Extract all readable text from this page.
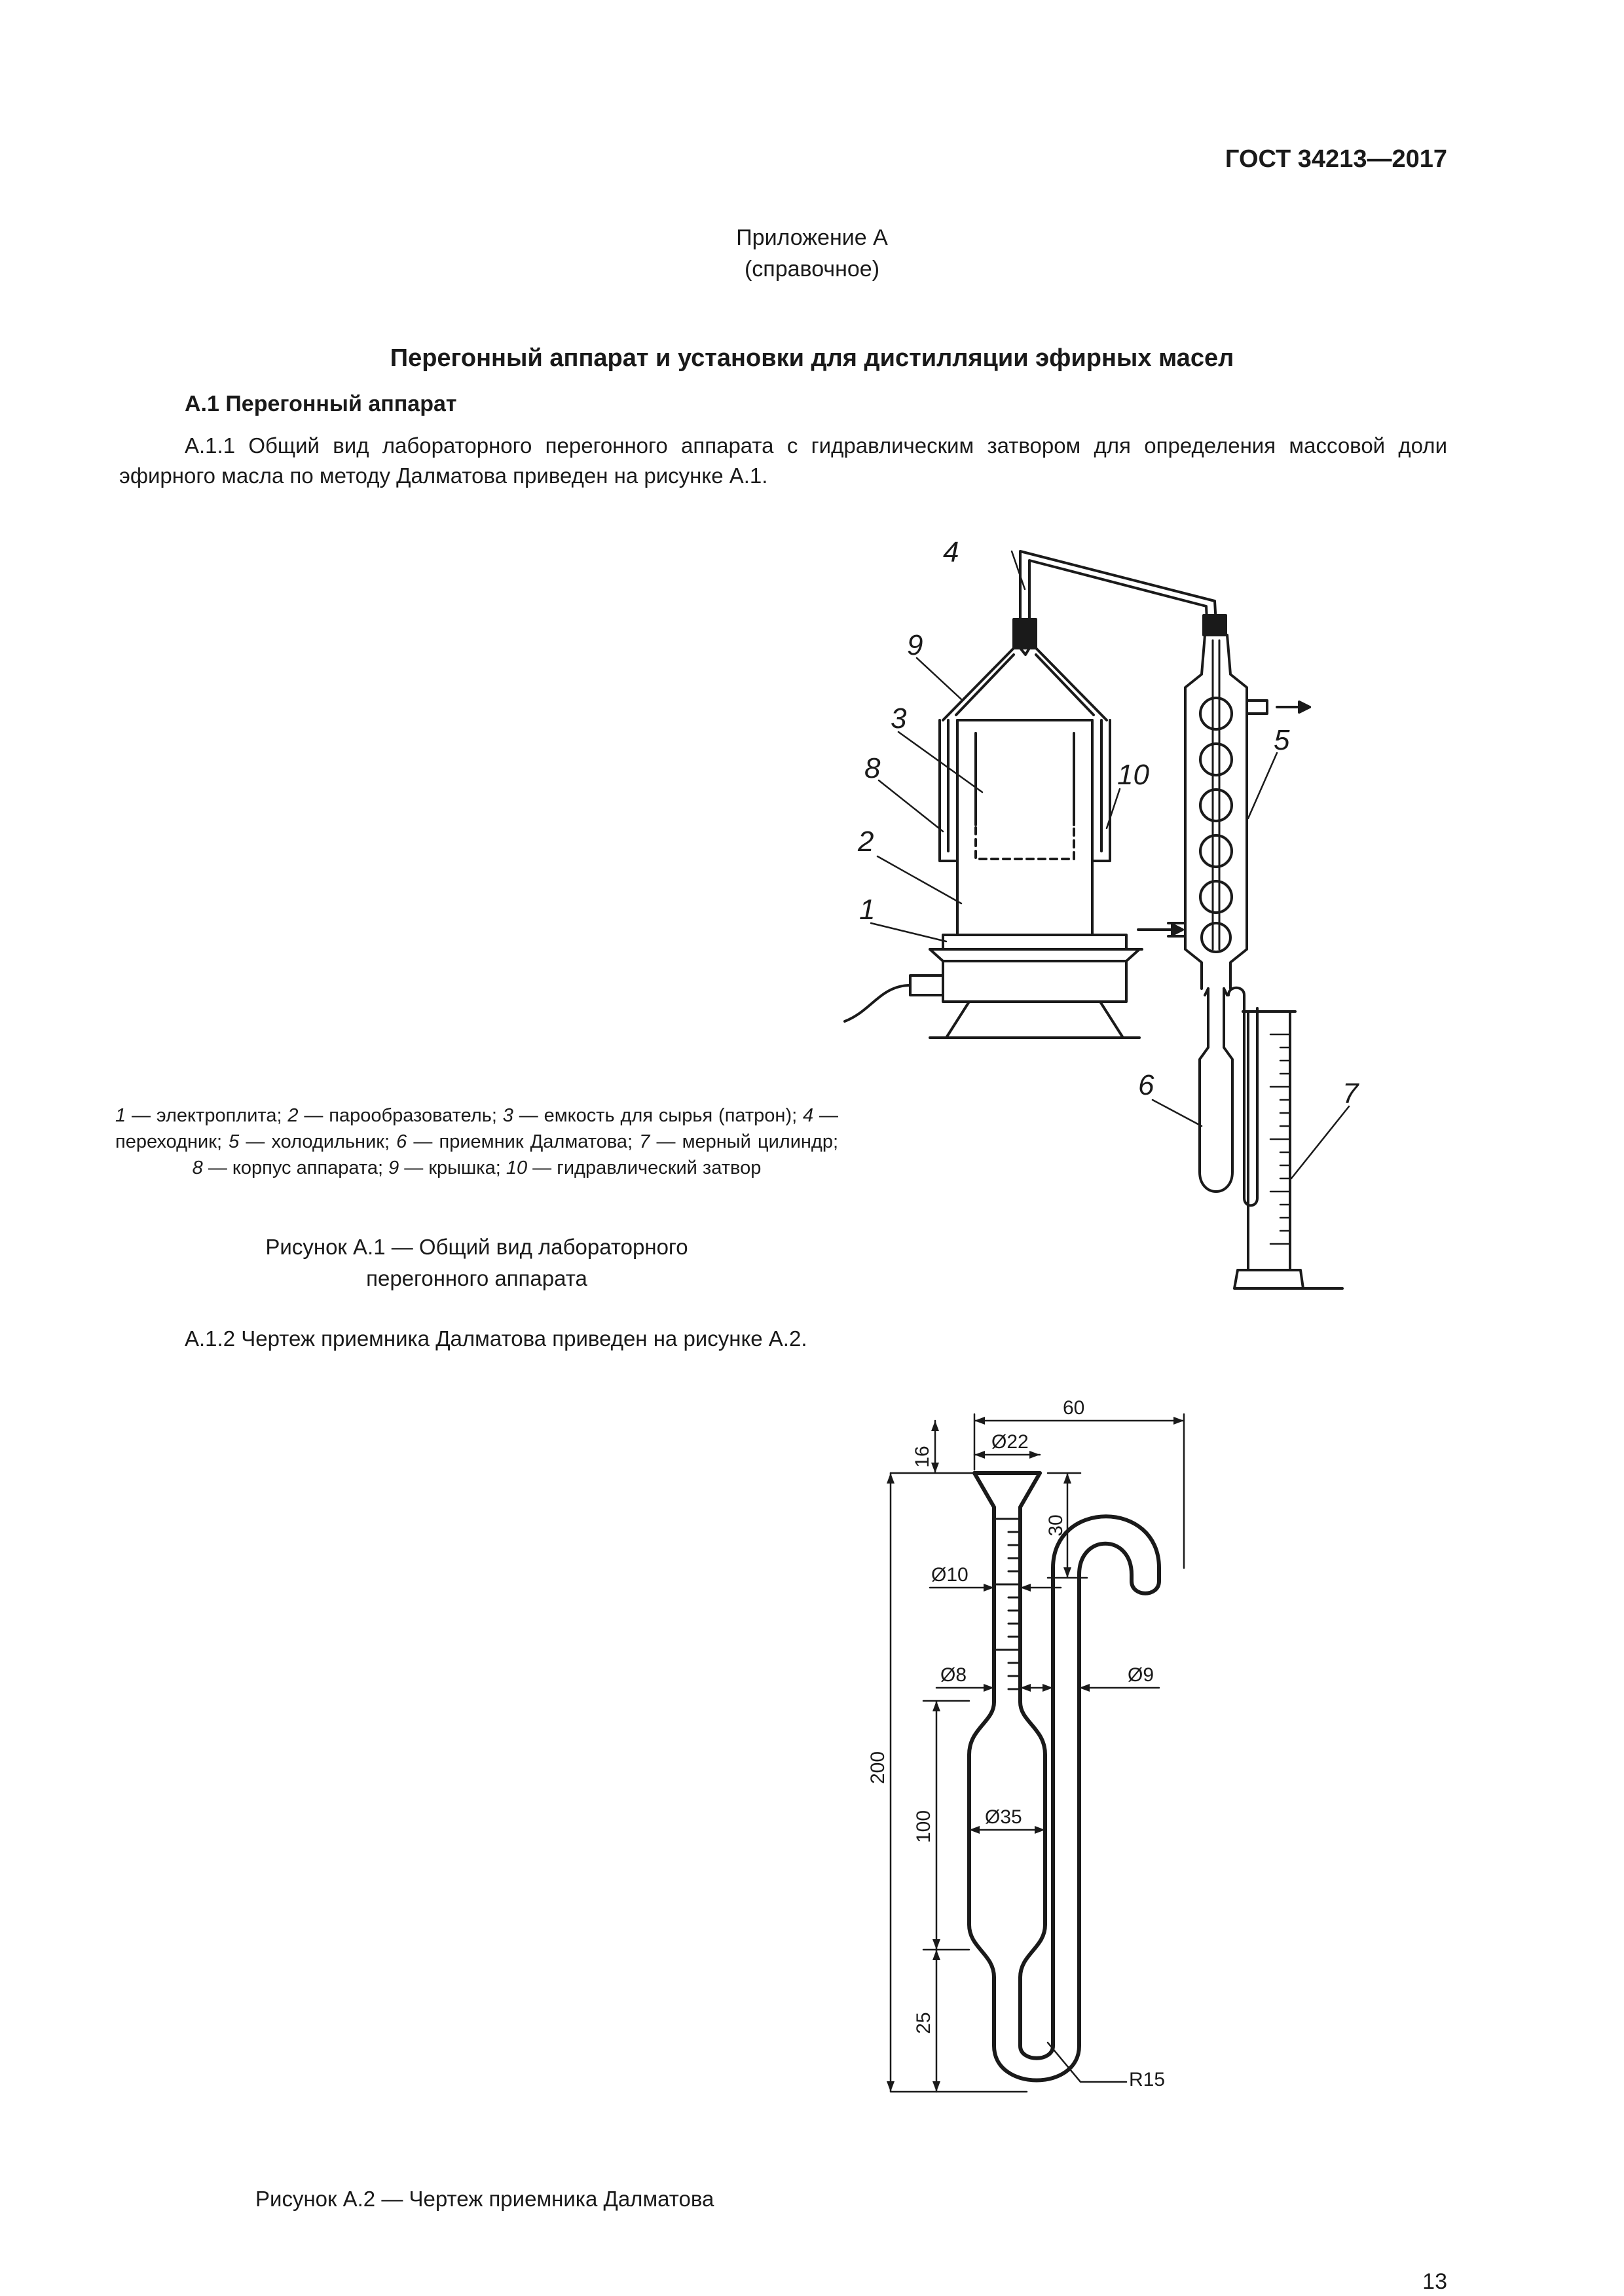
ГОСТ 34213—2017
Приложение А
(справочное)
Перегонный аппарат и установки для дистилляции эфирных масел
А.1 Перегонный аппарат
А.1.1 Общий вид лабораторного перегонного аппарата с гидравлическим затвором для определения массовой доли эфирного масла по методу Далматова приведен на рисунке А.1.
1 — электроплита; 2 — парообразователь; 3 — емкость для сырья (патрон); 4 — переходник; 5 — холодильник; 6 — приемник Далматова; 7 — мерный цилиндр; 8 — корпус аппарата; 9 — крышка; 10 — гидравлический затвор
Рисунок А.1 — Общий вид лабораторного
перегонного аппарата
А.1.2 Чертеж приемника Далматова приведен на рисунке А.2.
Рисунок А.2 — Чертеж приемника Далматова
13
4
9
3
8
2
1
10
5
6	7
60
Ø22
16
30
Ø10
Ø8	Ø9
200
100	Ø35
25
R15
